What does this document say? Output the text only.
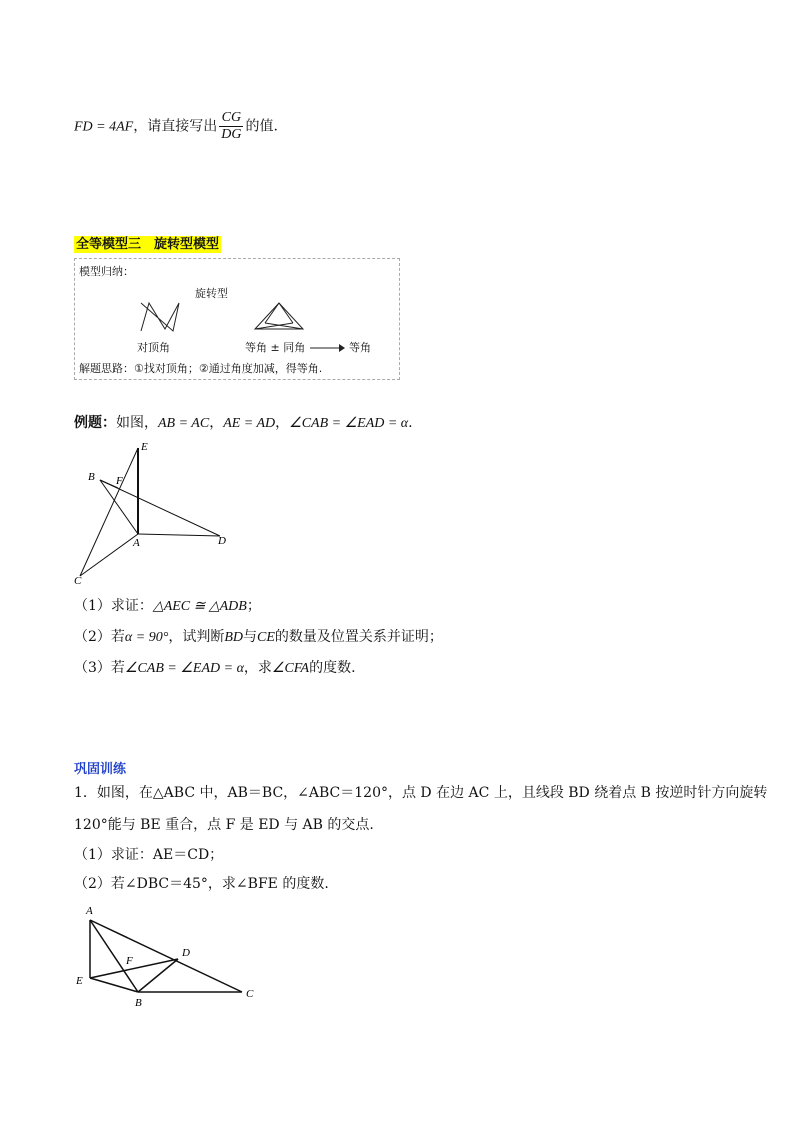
FD = 4AF，请直接写出 $\frac{CG}{DG}$ 的值.
全等模型三　旋转型模型
模型归纳：
旋转型
对顶角	等角 ± 同角	等角
解题思路：①找对顶角；②通过角度加减，得等角.
例题：如图，AB = AC，AE = AD，∠CAB = ∠EAD = α.
E
B F
A	D
C
（1）求证：△AEC ≅ △ADB；
（2）若α = 90°，试判断BD与CE的数量及位置关系并证明；
（3）若∠CAB = ∠EAD = α，求∠CFA的度数.
巩固训练
1．如图，在△ABC 中，AB＝BC，∠ABC＝120°，点 D 在边 AC 上，且线段 BD 绕着点 B 按逆时针方向旋转
120°能与 BE 重合，点 F 是 ED 与 AB 的交点.
（1）求证：AE＝CD；
（2）若∠DBC＝45°，求∠BFE 的度数.
A
D
F
E
B
C
